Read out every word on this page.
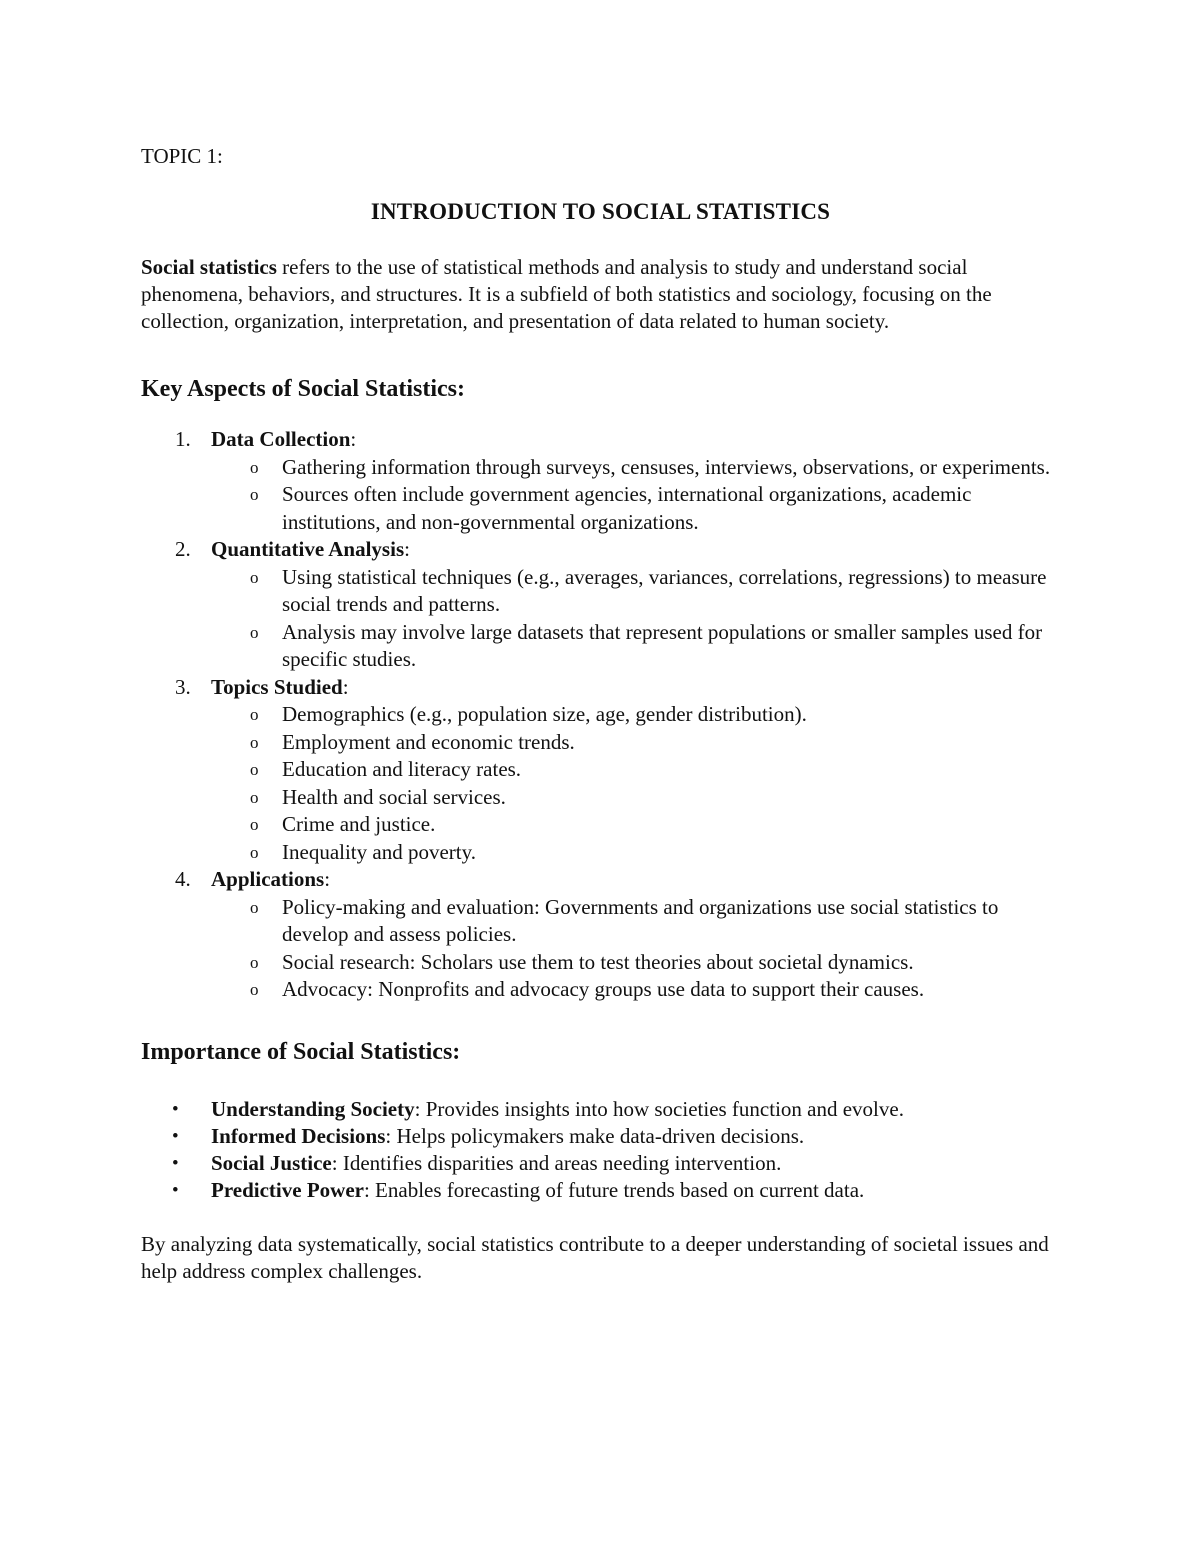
TOPIC 1:

INTRODUCTION TO SOCIAL STATISTICS

Social statistics refers to the use of statistical methods and analysis to study and understand social phenomena, behaviors, and structures. It is a subfield of both statistics and sociology, focusing on the collection, organization, interpretation, and presentation of data related to human society.

Key Aspects of Social Statistics:
1. Data Collection:
o Gathering information through surveys, censuses, interviews, observations, or experiments.
o Sources often include government agencies, international organizations, academic institutions, and non-governmental organizations.
2. Quantitative Analysis:
o Using statistical techniques (e.g., averages, variances, correlations, regressions) to measure social trends and patterns.
o Analysis may involve large datasets that represent populations or smaller samples used for specific studies.
3. Topics Studied:
o Demographics (e.g., population size, age, gender distribution).
o Employment and economic trends.
o Education and literacy rates.
o Health and social services.
o Crime and justice.
o Inequality and poverty.
4. Applications:
o Policy-making and evaluation: Governments and organizations use social statistics to develop and assess policies.
o Social research: Scholars use them to test theories about societal dynamics.
o Advocacy: Nonprofits and advocacy groups use data to support their causes.
Importance of Social Statistics:
• Understanding Society: Provides insights into how societies function and evolve.
• Informed Decisions: Helps policymakers make data-driven decisions.
• Social Justice: Identifies disparities and areas needing intervention.
• Predictive Power: Enables forecasting of future trends based on current data.

By analyzing data systematically, social statistics contribute to a deeper understanding of societal issues and help address complex challenges.
